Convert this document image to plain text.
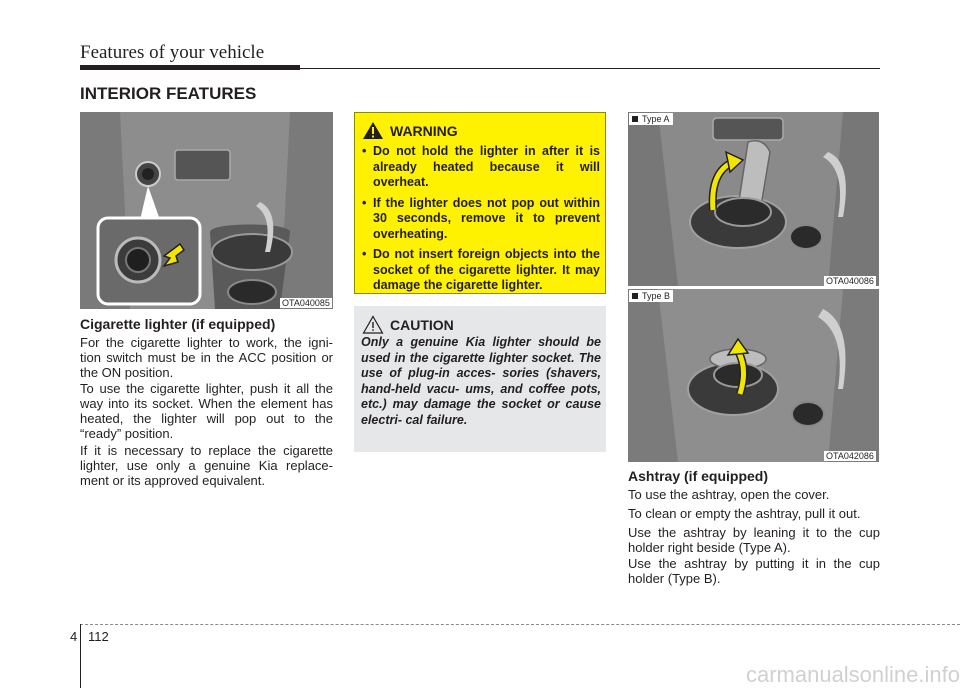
Features of your vehicle
INTERIOR FEATURES
OTA040085
Type A
OTA040086
Type B
OTA042086
Cigarette lighter (if equipped)
For the cigarette lighter to work, the igni- tion switch must be in the ACC position or the ON position.
To use the cigarette lighter, push it all the way into its socket. When the element has heated, the lighter will pop out to the “ready” position.
If it is necessary to replace the cigarette lighter, use only a genuine Kia replace- ment or its approved equivalent.
WARNING
• Do not hold the lighter in after it is already heated because it will overheat.
• If the lighter does not pop out within 30 seconds, remove it to prevent overheating.
• Do not insert foreign objects into the socket of the cigarette lighter. It may damage the cigarette lighter.
CAUTION
Only a genuine Kia lighter should be used in the cigarette lighter socket. The use of plug-in acces- sories (shavers, hand-held vacu- ums, and coffee pots, etc.) may damage the socket or cause electri- cal failure.
Ashtray (if equipped)
To use the ashtray, open the cover.
To clean or empty the ashtray, pull it out.
Use the ashtray by leaning it to the cup holder right beside (Type A).
Use the ashtray by putting it in the cup holder (Type B).
4 112
carmanualsonline.info
